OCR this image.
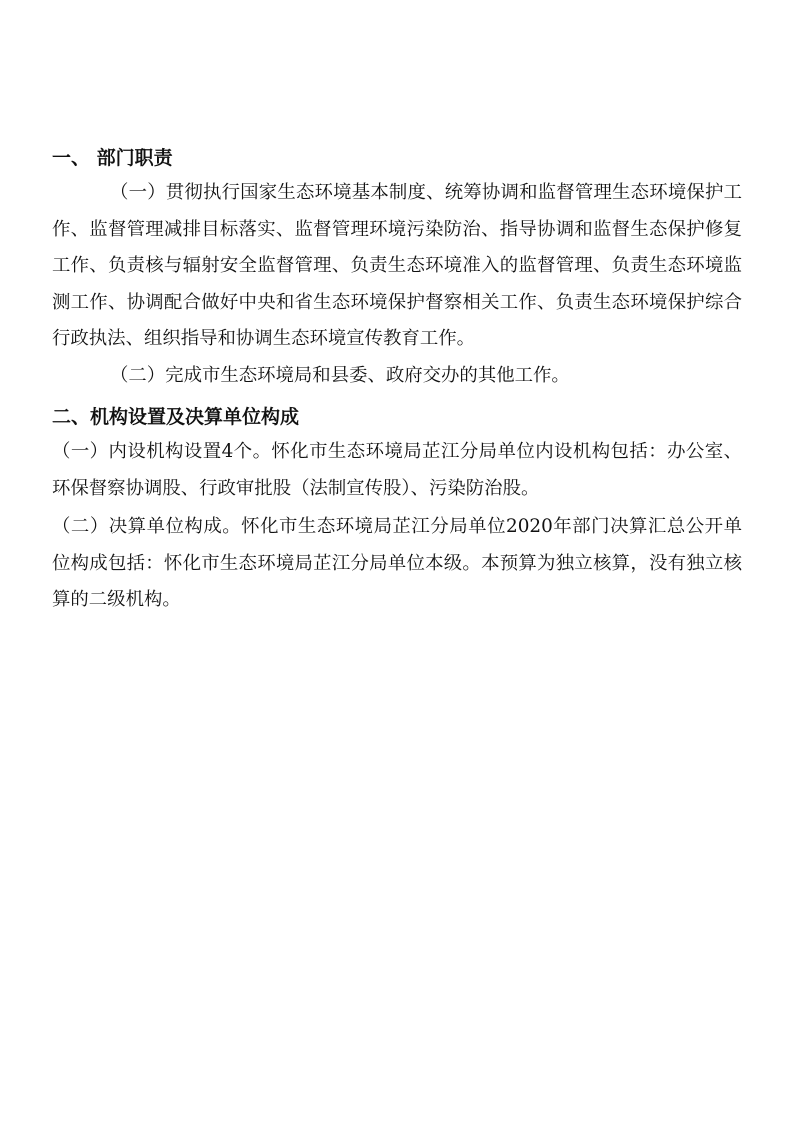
一、 部门职责

（一）贯彻执行国家生态环境基本制度、统筹协调和监督管理生态环境保护工作、监督管理减排目标落实、监督管理环境污染防治、指导协调和监督生态保护修复工作、负责核与辐射安全监督管理、负责生态环境准入的监督管理、负责生态环境监测工作、协调配合做好中央和省生态环境保护督察相关工作、负责生态环境保护综合行政执法、组织指导和协调生态环境宣传教育工作。

（二）完成市生态环境局和县委、政府交办的其他工作。

二、机构设置及决算单位构成

（一）内设机构设置4个。怀化市生态环境局芷江分局单位内设机构包括：办公室、环保督察协调股、行政审批股（法制宣传股）、污染防治股。

（二）决算单位构成。怀化市生态环境局芷江分局单位2020年部门决算汇总公开单位构成包括：怀化市生态环境局芷江分局单位本级。本预算为独立核算，没有独立核算的二级机构。
